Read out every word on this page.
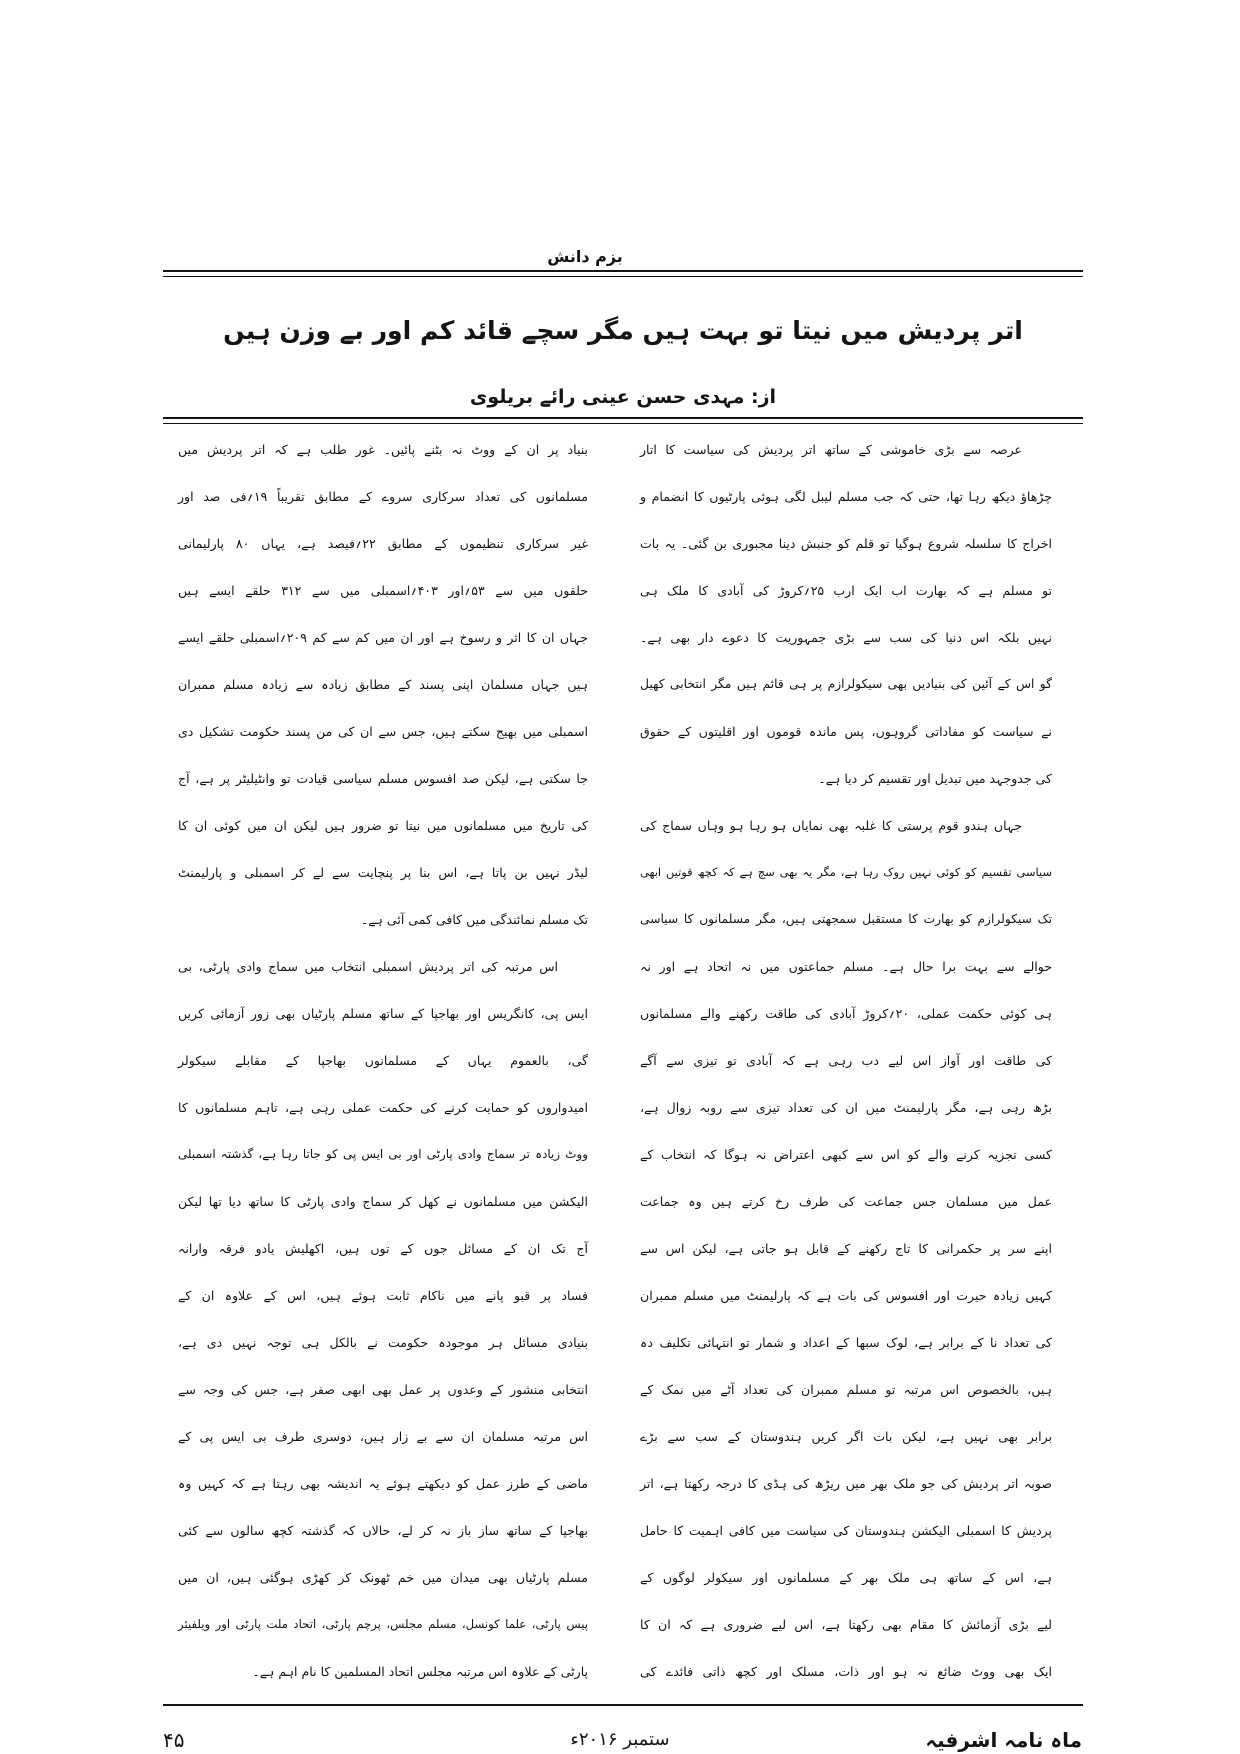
بزم دانش
اتر پردیش میں نیتا تو بہت ہیں مگر سچے قائد کم اور بے وزن ہیں
از: مہدی حسن عینی رائے بریلوی
عرصہ سے بڑی خاموشی کے ساتھ اتر پردیش کی سیاست کا اتار
چڑھاؤ دیکھ رہا تھا، حتی کہ جب مسلم لیبل لگی ہوئی پارٹیوں کا انضمام و
اخراج کا سلسلہ شروع ہوگیا تو قلم کو جنبش دینا مجبوری بن گئی۔ یہ بات
تو مسلم ہے کہ بھارت اب ایک ارب ۲۵؍کروڑ کی آبادی کا ملک ہی
نہیں بلکہ اس دنیا کی سب سے بڑی جمہوریت کا دعوے دار بھی ہے۔
گو اس کے آئین کی بنیادیں بھی سیکولرازم پر ہی قائم ہیں مگر انتخابی کھیل
نے سیاست کو مفاداتی گروہوں، پس ماندہ قوموں اور اقلیتوں کے حقوق
کی جدوجہد میں تبدیل اور تقسیم کر دیا ہے۔
جہاں ہندو قوم پرستی کا غلبہ بھی نمایاں ہو رہا ہو وہاں سماج کی
سیاسی تقسیم کو کوئی نہیں روک رہا ہے، مگر یہ بھی سچ ہے کہ کچھ قوتیں ابھی
تک سیکولرازم کو بھارت کا مستقبل سمجھتی ہیں، مگر مسلمانوں کا سیاسی
حوالے سے بہت برا حال ہے۔ مسلم جماعتوں میں نہ اتحاد ہے اور نہ
ہی کوئی حکمت عملی، ۲۰؍کروڑ آبادی کی طاقت رکھنے والے مسلمانوں
کی طاقت اور آواز اس لیے دب رہی ہے کہ آبادی تو تیزی سے آگے
بڑھ رہی ہے، مگر پارلیمنٹ میں ان کی تعداد تیزی سے روبہ زوال ہے،
کسی تجزیہ کرنے والے کو اس سے کبھی اعتراض نہ ہوگا کہ انتخاب کے
عمل میں مسلمان جس جماعت کی طرف رخ کرتے ہیں وہ جماعت
اپنے سر پر حکمرانی کا تاج رکھنے کے قابل ہو جاتی ہے، لیکن اس سے
کہیں زیادہ حیرت اور افسوس کی بات ہے کہ پارلیمنٹ میں مسلم ممبران
کی تعداد نا کے برابر ہے، لوک سبھا کے اعداد و شمار تو انتہائی تکلیف دہ
ہیں، بالخصوص اس مرتبہ تو مسلم ممبران کی تعداد آٹے میں نمک کے
برابر بھی نہیں ہے، لیکن بات اگر کریں ہندوستان کے سب سے بڑے
صوبہ اتر پردیش کی جو ملک بھر میں ریڑھ کی ہڈی کا درجہ رکھتا ہے، اتر
پردیش کا اسمبلی الیکشن ہندوستان کی سیاست میں کافی اہمیت کا حامل
ہے، اس کے ساتھ ہی ملک بھر کے مسلمانوں اور سیکولر لوگوں کے
لیے بڑی آزمائش کا مقام بھی رکھتا ہے، اس لیے ضروری ہے کہ ان کا
ایک بھی ووٹ ضائع نہ ہو اور ذات، مسلک اور کچھ ذاتی فائدے کی
بنیاد پر ان کے ووٹ نہ بٹنے پائیں۔ غور طلب ہے کہ اتر پردیش میں
مسلمانوں کی تعداد سرکاری سروے کے مطابق تقریباً ۱۹؍فی صد اور
غیر سرکاری تنظیموں کے مطابق ۲۲؍فیصد ہے، یہاں ۸۰ پارلیمانی
حلقوں میں سے ۵۳؍اور ۴۰۳؍اسمبلی میں سے ۳۱۲ حلقے ایسے ہیں
جہاں ان کا اثر و رسوخ ہے اور ان میں کم سے کم ۲۰۹؍اسمبلی حلقے ایسے
ہیں جہاں مسلمان اپنی پسند کے مطابق زیادہ سے زیادہ مسلم ممبران
اسمبلی میں بھیج سکتے ہیں، جس سے ان کی من پسند حکومت تشکیل دی
جا سکتی ہے، لیکن صد افسوس مسلم سیاسی قیادت تو وانٹیلیٹر پر ہے، آج
کی تاریخ میں مسلمانوں میں نیتا تو ضرور ہیں لیکن ان میں کوئی ان کا
لیڈر نہیں بن پاتا ہے، اس بنا پر پنچایت سے لے کر اسمبلی و پارلیمنٹ
تک مسلم نمائندگی میں کافی کمی آئی ہے۔
اس مرتبہ کی اتر پردیش اسمبلی انتخاب میں سماج وادی پارٹی، بی
ایس پی، کانگریس اور بھاجپا کے ساتھ مسلم پارٹیاں بھی زور آزمائی کریں
گی، بالعموم یہاں کے مسلمانوں بھاجپا کے مقابلے سیکولر
امیدواروں کو حمایت کرنے کی حکمت عملی رہی ہے، تاہم مسلمانوں کا
ووٹ زیادہ تر سماج وادی پارٹی اور بی ایس پی کو جاتا رہا ہے، گذشتہ اسمبلی
الیکشن میں مسلمانوں نے کھل کر سماج وادی پارٹی کا ساتھ دیا تھا لیکن
آج تک ان کے مسائل جوں کے توں ہیں، اکھلیش یادو فرقہ وارانہ
فساد پر قبو پانے میں ناکام ثابت ہوئے ہیں، اس کے علاوہ ان کے
بنیادی مسائل ہر موجودہ حکومت نے بالکل ہی توجہ نہیں دی ہے،
انتخابی منشور کے وعدوں پر عمل بھی ابھی صفر ہے، جس کی وجہ سے
اس مرتبہ مسلمان ان سے بے زار ہیں، دوسری طرف بی ایس پی کے
ماضی کے طرز عمل کو دیکھتے ہوئے یہ اندیشہ بھی رہتا ہے کہ کہیں وہ
بھاجپا کے ساتھ ساز باز نہ کر لے، حالاں کہ گذشتہ کچھ سالوں سے کئی
مسلم پارٹیاں بھی میدان میں خم ٹھونک کر کھڑی ہوگئی ہیں، ان میں
پیس پارٹی، علما کونسل، مسلم مجلس، پرچم پارٹی، اتحاد ملت پارٹی اور ویلفیئر
پارٹی کے علاوہ اس مرتبہ مجلس اتحاد المسلمین کا نام اہم ہے۔
ماہ نامہ اشرفیہ
ستمبر ۲۰۱۶ء
۴۵
